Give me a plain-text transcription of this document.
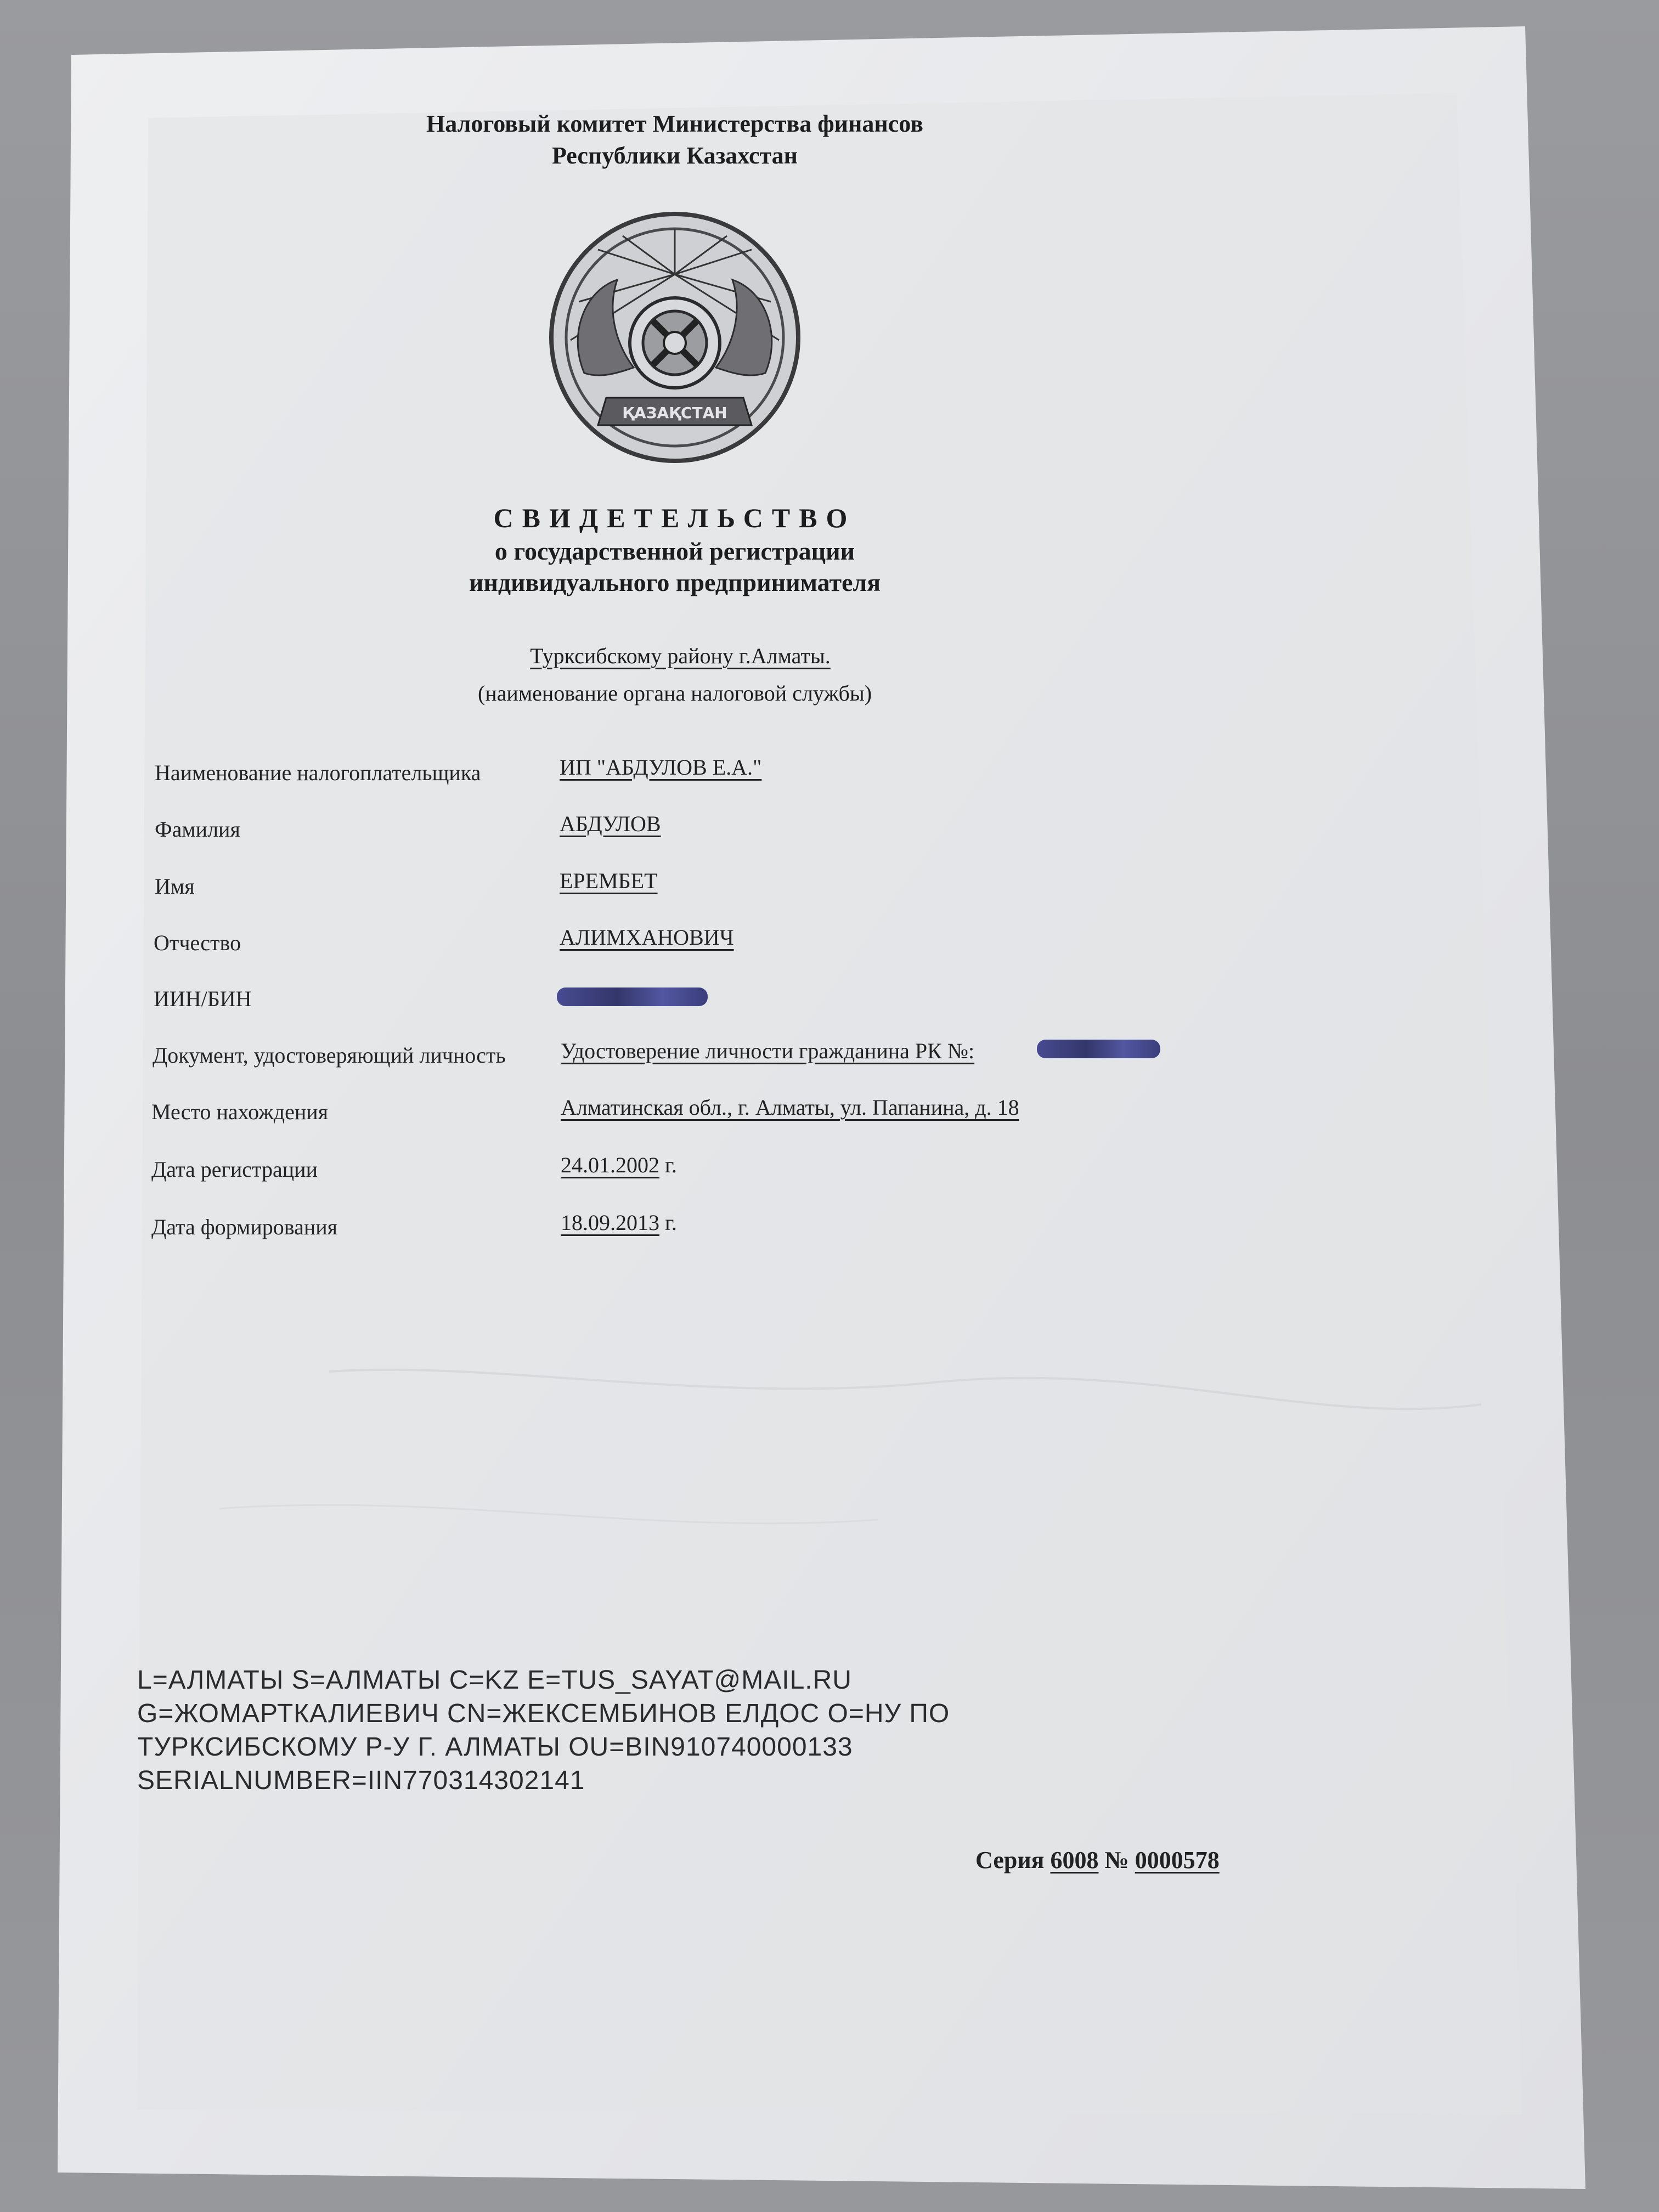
Налоговый комитет Министерства финансов
Республики Казахстан
ҚАЗАҚСТАН
СВИДЕТЕЛЬСТВО
о государственной регистрации
индивидуального предпринимателя
Турксибскому району г.Алматы.
(наименование органа налоговой службы)
Наименование налогоплательщика	ИП "АБДУЛОВ Е.А."
Фамилия	АБДУЛОВ
Имя	ЕРЕМБЕТ
Отчество	АЛИМХАНОВИЧ
ИИН/БИН
Документ, удостоверяющий личность	Удостоверение личности гражданина РК №:
Место нахождения	Алматинская обл., г. Алматы, ул. Папанина, д. 18
Дата регистрации	24.01.2002 г.
Дата формирования	18.09.2013 г.
L=АЛМАТЫ S=АЛМАТЫ C=KZ E=TUS_SAYAT@MAIL.RU
G=ЖОМАРТКАЛИЕВИЧ CN=ЖЕКСЕМБИНОВ ЕЛДОС O=НУ ПО
ТУРКСИБСКОМУ Р-У Г. АЛМАТЫ OU=BIN910740000133
SERIALNUMBER=IIN770314302141
Серия 6008 № 0000578
